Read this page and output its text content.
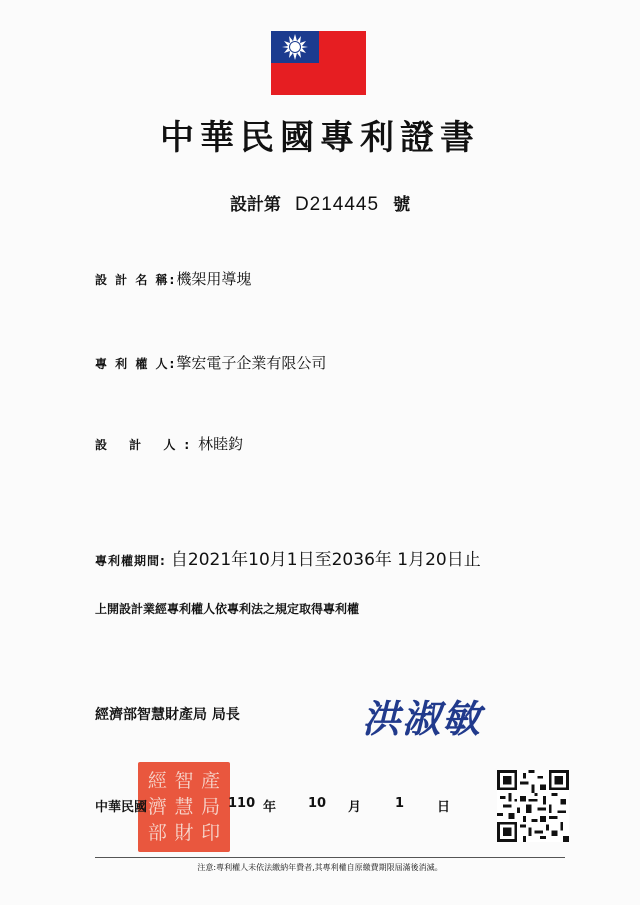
中華民國專利證書
設計第 D214445 號
設 計 名 稱:機架用導塊
專 利 權 人:擎宏電子企業有限公司
設 計 人:林睦鈞
專利權期間: 自2021年10月1日至2036年 1月20日止
上開設計業經專利權人依專利法之規定取得專利權
經濟部智慧財產局 局長	洪淑敏
經 智 產
濟 慧 局
部 財 印
中華民國	110 年 10 月	1	日
注意:專利權人未依法繳納年費者,其專利權自原繳費期限屆滿後消滅。
